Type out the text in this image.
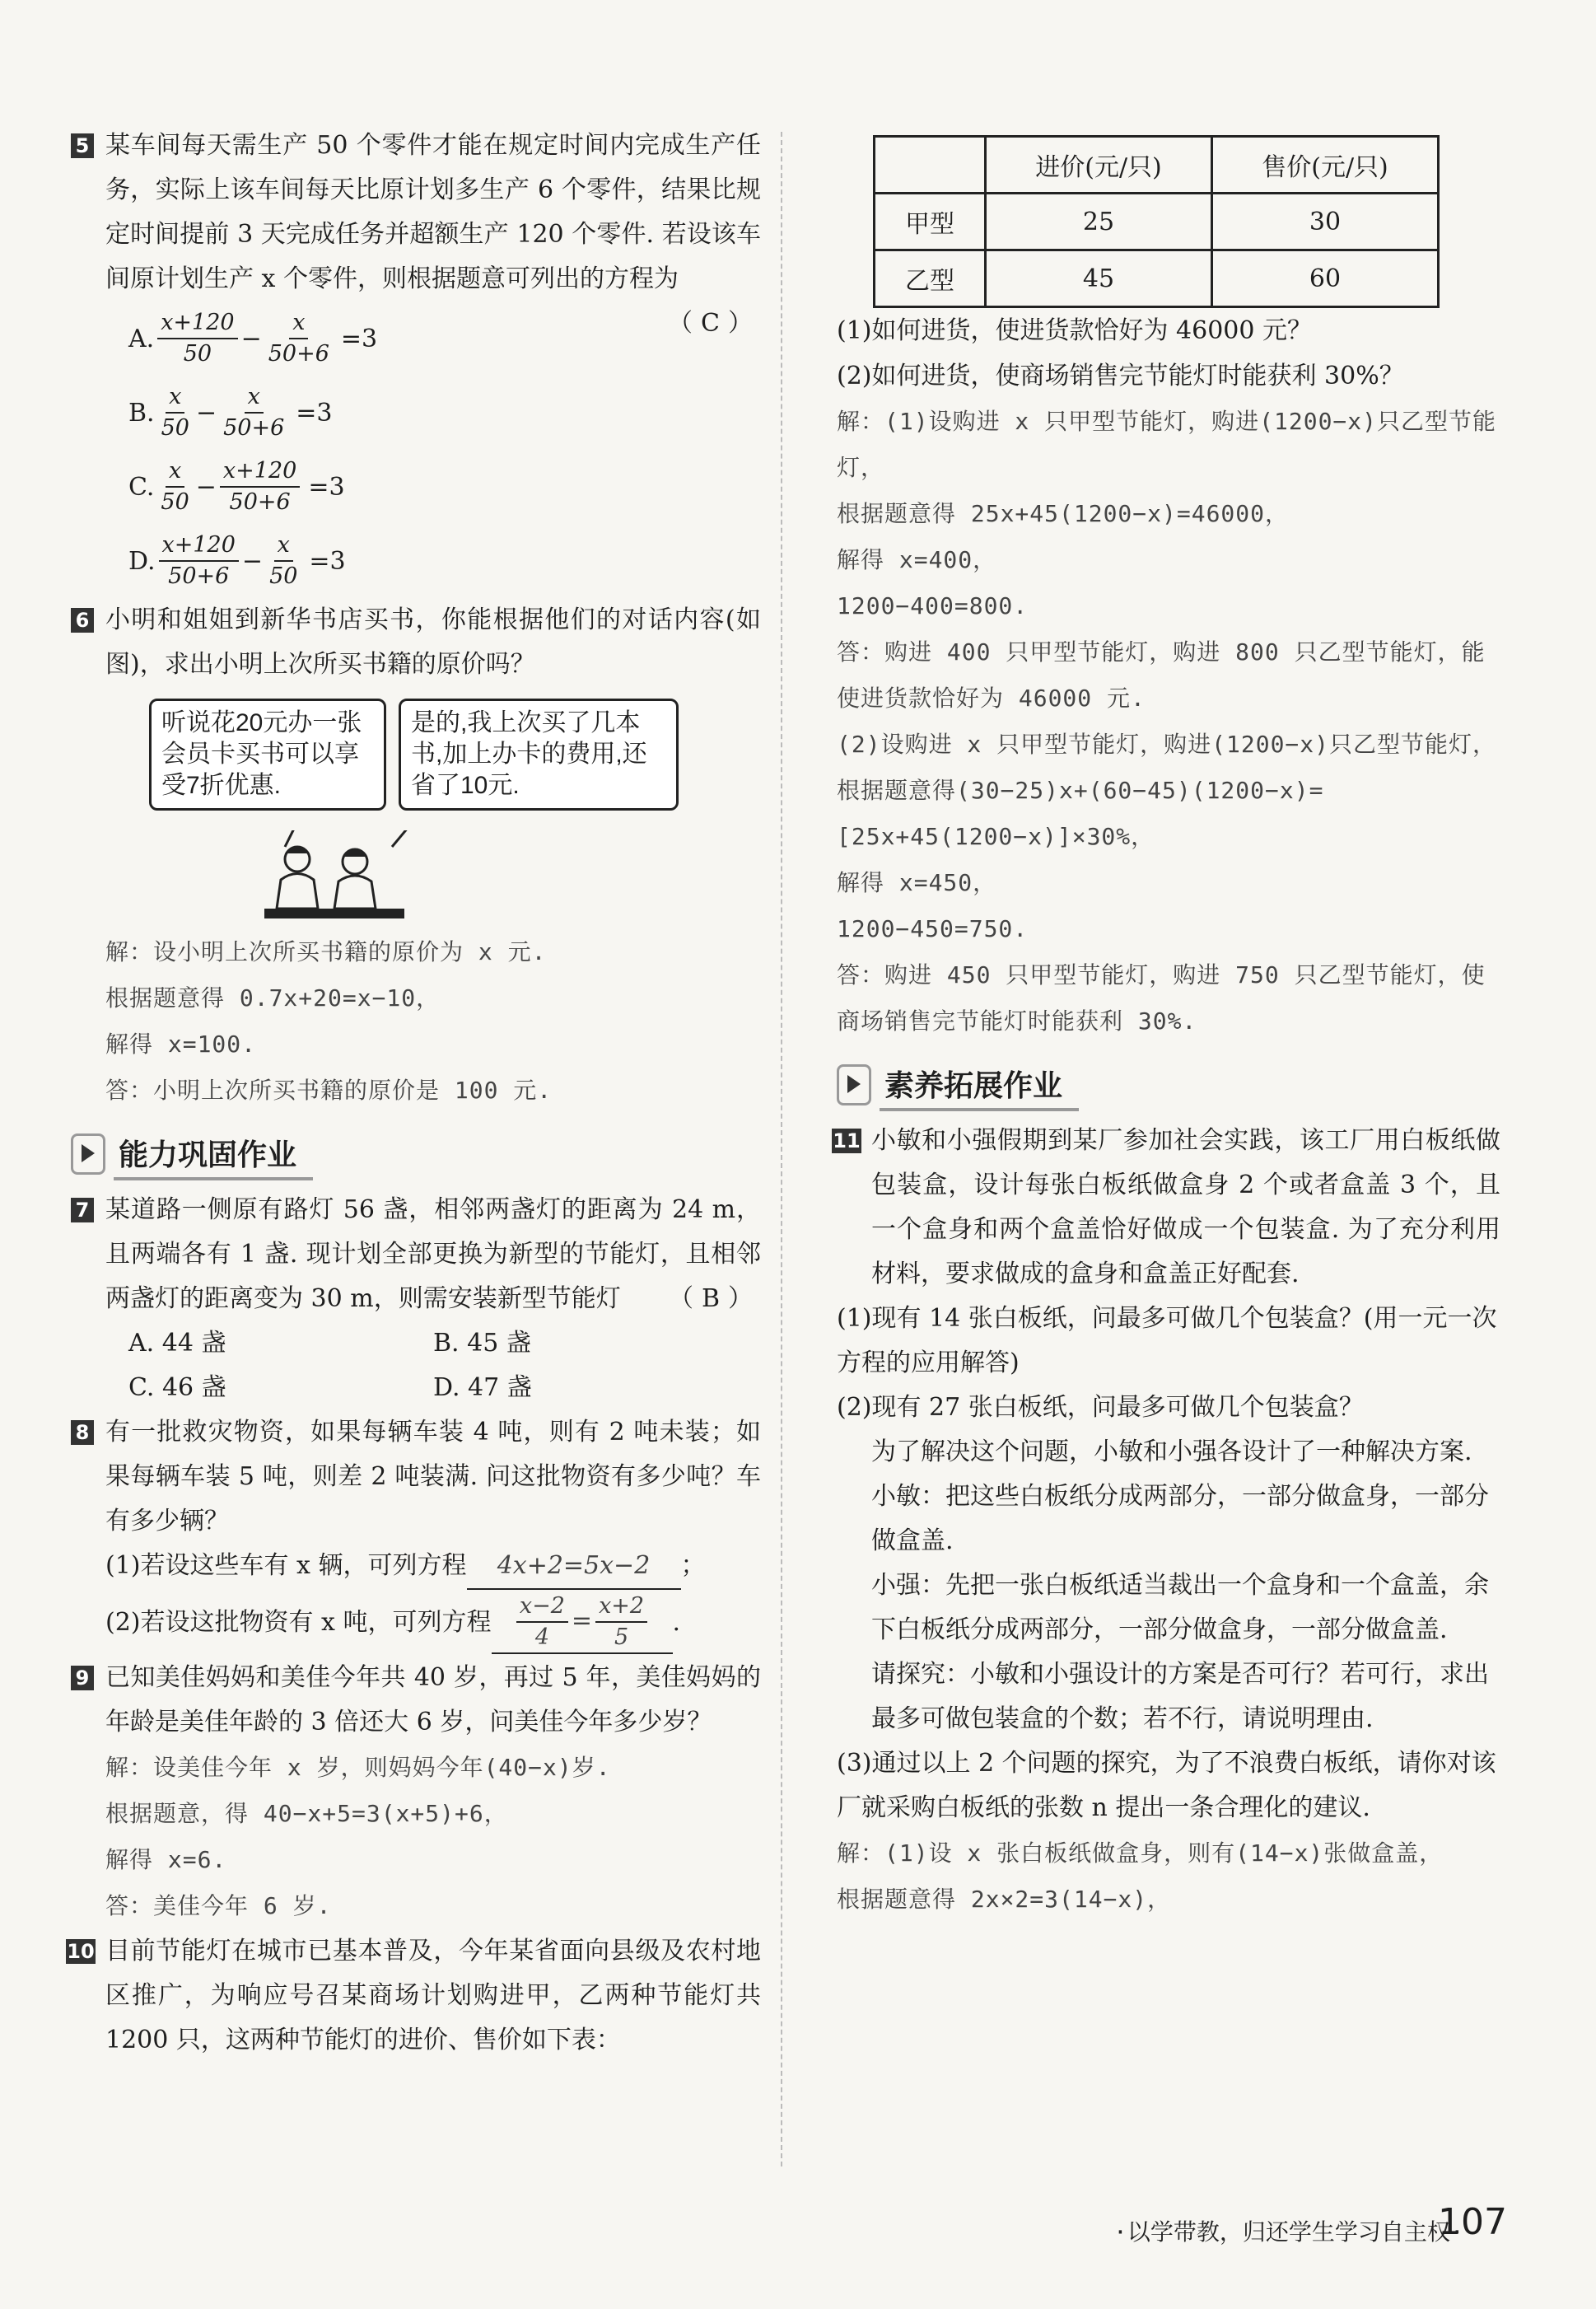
5 某车间每天需生产 50 个零件才能在规定时间内完成生产任务，实际上该车间每天比原计划多生产 6 个零件，结果比规定时间提前 3 天完成任务并超额生产 120 个零件. 若设该车间原计划生产 x 个零件，则根据题意可列出的方程为
（C）
A. $\frac{x+120}{50} - \frac{x}{50+6} =3$
B. $\frac{x}{50} - \frac{x}{50+6} =3$
C. $\frac{x}{50} - \frac{x+120}{50+6} =3$
D. $\frac{x+120}{50+6} - \frac{x}{50} =3$
6 小明和姐姐到新华书店买书，你能根据他们的对话内容(如图)，求出小明上次所买书籍的原价吗？
听说花20元办一张会员卡买书可以享受7折优惠.
是的,我上次买了几本书,加上办卡的费用,还省了10元.
解：设小明上次所买书籍的原价为 x 元.
根据题意得 0.7x+20=x−10，
解得 x=100.
答：小明上次所买书籍的原价是 100 元.
能力巩固作业
7 某道路一侧原有路灯 56 盏，相邻两盏灯的距离为 24 m，且两端各有 1 盏. 现计划全部更换为新型的节能灯，且相邻两盏灯的距离变为 30 m，则需安装新型节能灯 （B）
A. 44 盏	B. 45 盏
C. 46 盏	D. 47 盏
8 有一批救灾物资，如果每辆车装 4 吨，则有 2 吨未装；如果每辆车装 5 吨，则差 2 吨装满. 问这批物资有多少吨？车有多少辆？
(1)若设这些车有 x 辆，可列方程 4x+2=5x−2 ；
(2)若设这批物资有 x 吨，可列方程 $\frac{x-2}{4} = \frac{x+2}{5}$ .
9 已知美佳妈妈和美佳今年共 40 岁，再过 5 年，美佳妈妈的年龄是美佳年龄的 3 倍还大 6 岁，问美佳今年多少岁？
解：设美佳今年 x 岁，则妈妈今年(40−x)岁.
根据题意，得 40−x+5=3(x+5)+6，
解得 x=6.
答：美佳今年 6 岁.
10 目前节能灯在城市已基本普及，今年某省面向县级及农村地区推广，为响应号召某商场计划购进甲，乙两种节能灯共 1200 只，这两种节能灯的进价、售价如下表：
	进价(元/只)	售价(元/只)
甲型	25	30
乙型	45	60
(1)如何进货，使进货款恰好为 46000 元？
(2)如何进货，使商场销售完节能灯时能获利 30%？
解：(1)设购进 x 只甲型节能灯，购进(1200−x)只乙型节能灯，
根据题意得 25x+45(1200−x)=46000，
解得 x=400，
1200−400=800.
答：购进 400 只甲型节能灯，购进 800 只乙型节能灯，能使进货款恰好为 46000 元.
(2)设购进 x 只甲型节能灯，购进(1200−x)只乙型节能灯，
根据题意得(30−25)x+(60−45)(1200−x)=[25x+45(1200−x)]×30%，
解得 x=450，
1200−450=750.
答：购进 450 只甲型节能灯，购进 750 只乙型节能灯，使商场销售完节能灯时能获利 30%.
素养拓展作业
11 小敏和小强假期到某厂参加社会实践，该工厂用白板纸做包装盒，设计每张白板纸做盒身 2 个或者盒盖 3 个，且一个盒身和两个盒盖恰好做成一个包装盒. 为了充分利用材料，要求做成的盒身和盒盖正好配套.
(1)现有 14 张白板纸，问最多可做几个包装盒？(用一元一次方程的应用解答)
(2)现有 27 张白板纸，问最多可做几个包装盒？
为了解决这个问题，小敏和小强各设计了一种解决方案.
小敏：把这些白板纸分成两部分，一部分做盒身，一部分做盒盖.
小强：先把一张白板纸适当裁出一个盒身和一个盒盖，余下白板纸分成两部分，一部分做盒身，一部分做盒盖.
请探究：小敏和小强设计的方案是否可行？若可行，求出最多可做包装盒的个数；若不行，请说明理由.
(3)通过以上 2 个问题的探究，为了不浪费白板纸，请你对该厂就采购白板纸的张数 n 提出一条合理化的建议.
解：(1)设 x 张白板纸做盒身，则有(14−x)张做盒盖，
根据题意得 2x×2=3(14−x)，
·以学带教，归还学生学习自主权·
107
